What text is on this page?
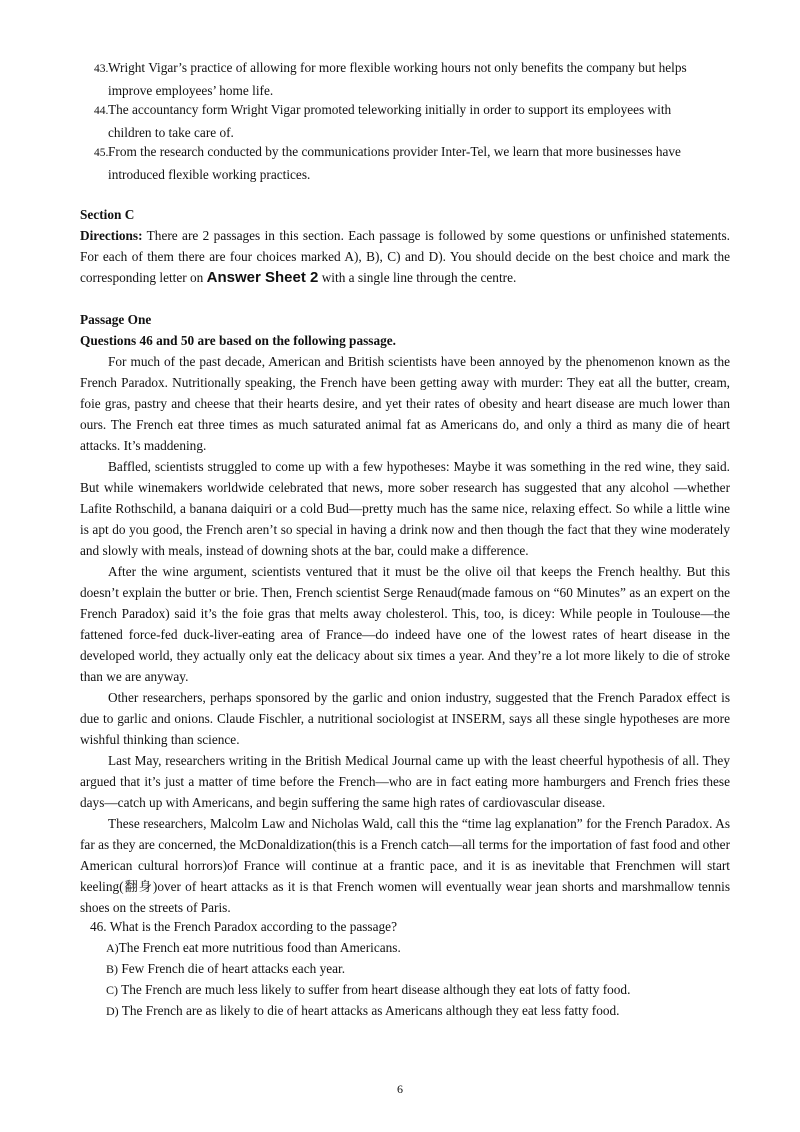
43.Wright Vigar’s practice of allowing for more flexible working hours not only benefits the company but helps
improve employees’ home life.
44.The accountancy form Wright Vigar promoted teleworking initially in order to support its employees with
children to take care of.
45.From the research conducted by the communications provider Inter-Tel, we learn that more businesses have
introduced flexible working practices.
Section C
Directions: There are 2 passages in this section. Each passage is followed by some questions or unfinished statements. For each of them there are four choices marked A), B), C) and D). You should decide on the best choice and mark the corresponding letter on Answer Sheet 2 with a single line through the centre.
Passage One
Questions 46 and 50 are based on the following passage.

For much of the past decade, American and British scientists have been annoyed by the phenomenon known as the French Paradox. Nutritionally speaking, the French have been getting away with murder: They eat all the butter, cream, foie gras, pastry and cheese that their hearts desire, and yet their rates of obesity and heart disease are much lower than ours. The French eat three times as much saturated animal fat as Americans do, and only a third as many die of heart attacks. It’s maddening.

Baffled, scientists struggled to come up with a few hypotheses: Maybe it was something in the red wine, they said. But while winemakers worldwide celebrated that news, more sober research has suggested that any alcohol —whether Lafite Rothschild, a banana daiquiri or a cold Bud—pretty much has the same nice, relaxing effect. So while a little wine is apt do you good, the French aren’t so special in having a drink now and then though the fact that they wine moderately and slowly with meals, instead of downing shots at the bar, could make a difference.

After the wine argument, scientists ventured that it must be the olive oil that keeps the French healthy. But this doesn’t explain the butter or brie. Then, French scientist Serge Renaud(made famous on “60 Minutes” as an expert on the French Paradox) said it’s the foie gras that melts away cholesterol. This, too, is dicey: While people in Toulouse—the fattened force-fed duck-liver-eating area of France—do indeed have one of the lowest rates of heart disease in the developed world, they actually only eat the delicacy about six times a year. And they’re a lot more likely to die of stroke than we are anyway.

Other researchers, perhaps sponsored by the garlic and onion industry, suggested that the French Paradox effect is due to garlic and onions. Claude Fischler, a nutritional sociologist at INSERM, says all these single hypotheses are more wishful thinking than science.

Last May, researchers writing in the British Medical Journal came up with the least cheerful hypothesis of all. They argued that it’s just a matter of time before the French—who are in fact eating more hamburgers and French fries these days—catch up with Americans, and begin suffering the same high rates of cardiovascular disease.

These researchers, Malcolm Law and Nicholas Wald, call this the “time lag explanation” for the French Paradox. As far as they are concerned, the McDonaldization(this is a French catch—all terms for the importation of fast food and other American cultural horrors)of France will continue at a frantic pace, and it is as inevitable that Frenchmen will start keeling(翻身)over of heart attacks as it is that French women will eventually wear jean shorts and marshmallow tennis shoes on the streets of Paris.

46. What is the French Paradox according to the passage?
A)The French eat more nutritious food than Americans.
B) Few French die of heart attacks each year.
C) The French are much less likely to suffer from heart disease although they eat lots of fatty food.
D) The French are as likely to die of heart attacks as Americans although they eat less fatty food.
6
